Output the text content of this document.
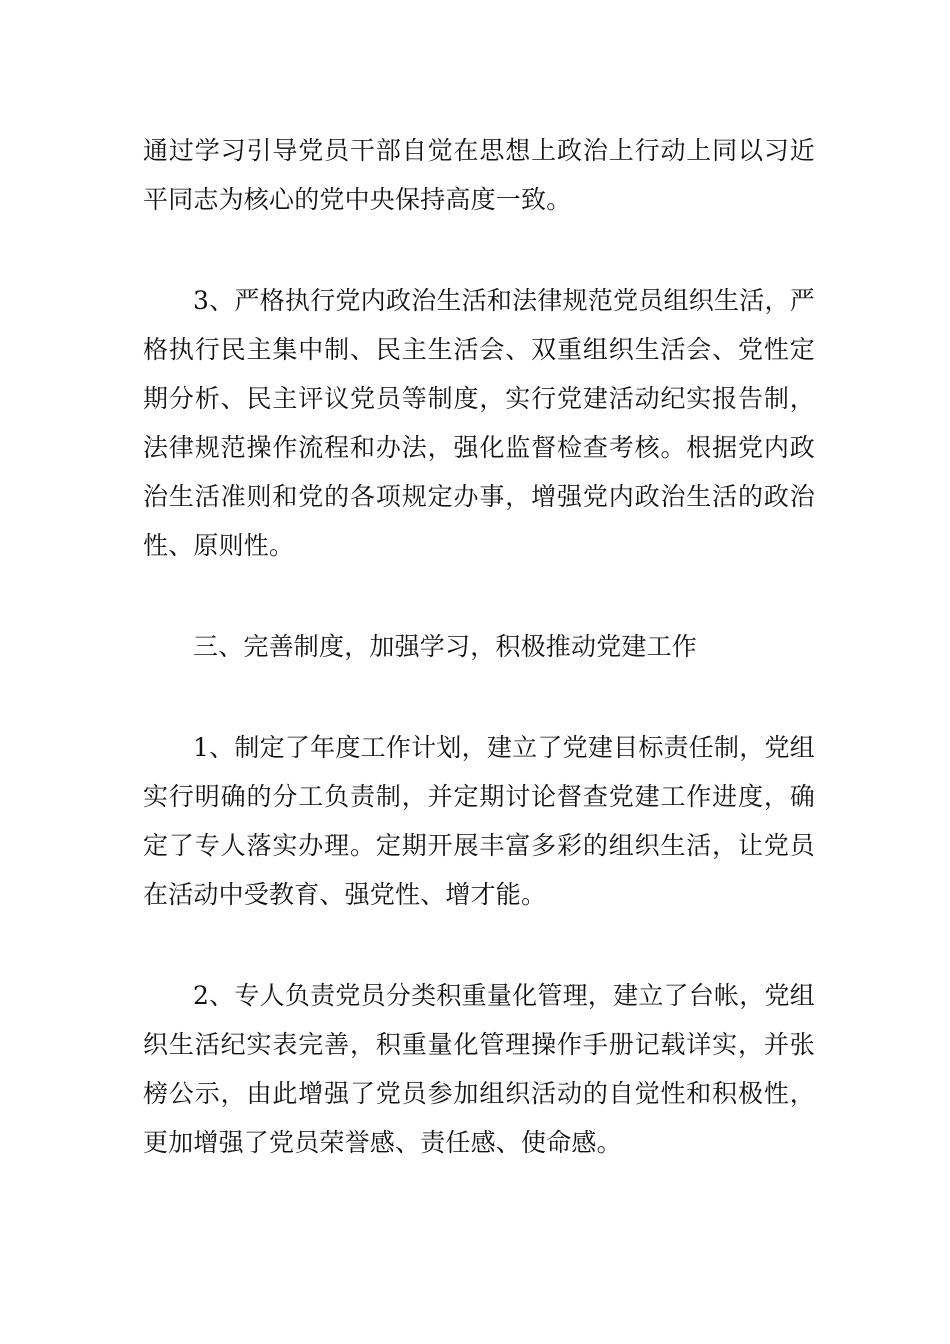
通过学习引导党员干部自觉在思想上政治上行动上同以习近平同志为核心的党中央保持高度一致。

3、严格执行党内政治生活和法律规范党员组织生活，严格执行民主集中制、民主生活会、双重组织生活会、党性定期分析、民主评议党员等制度，实行党建活动纪实报告制，法律规范操作流程和办法，强化监督检查考核。根据党内政治生活准则和党的各项规定办事，增强党内政治生活的政治性、原则性。

三、完善制度，加强学习，积极推动党建工作

1、制定了年度工作计划，建立了党建目标责任制，党组实行明确的分工负责制，并定期讨论督查党建工作进度，确定了专人落实办理。定期开展丰富多彩的组织生活，让党员在活动中受教育、强党性、增才能。

2、专人负责党员分类积重量化管理，建立了台帐，党组织生活纪实表完善，积重量化管理操作手册记载详实，并张榜公示，由此增强了党员参加组织活动的自觉性和积极性，更加增强了党员荣誉感、责任感、使命感。
